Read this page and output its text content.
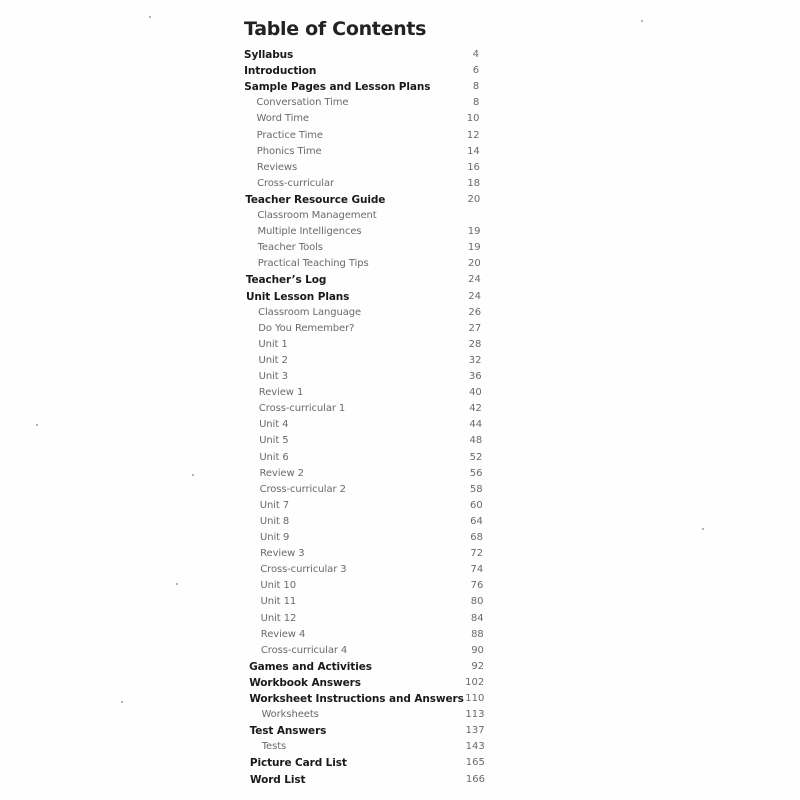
Table of Contents
Syllabus	4
Introduction	6
Sample Pages and Lesson Plans	8
Conversation Time	8
Word Time	10
Practice Time	12
Phonics Time	14
Reviews	16
Cross-curricular	18
Teacher Resource Guide	20
Classroom Management
Multiple Intelligences	19
Teacher Tools	19
Practical Teaching Tips	20
Teacher’s Log	24
Unit Lesson Plans	24
Classroom Language	26
Do You Remember?	27
Unit 1	28
Unit 2	32
Unit 3	36
Review 1	40
Cross-curricular 1	42
Unit 4	44
Unit 5	48
Unit 6	52
Review 2	56
Cross-curricular 2	58
Unit 7	60
Unit 8	64
Unit 9	68
Review 3	72
Cross-curricular 3	74
Unit 10	76
Unit 11	80
Unit 12	84
Review 4	88
Cross-curricular 4	90
Games and Activities	92
Workbook Answers	102
Worksheet Instructions and Answers 110
Worksheets	113
Test Answers	137
Tests	143
Picture Card List	165
Word List	166
